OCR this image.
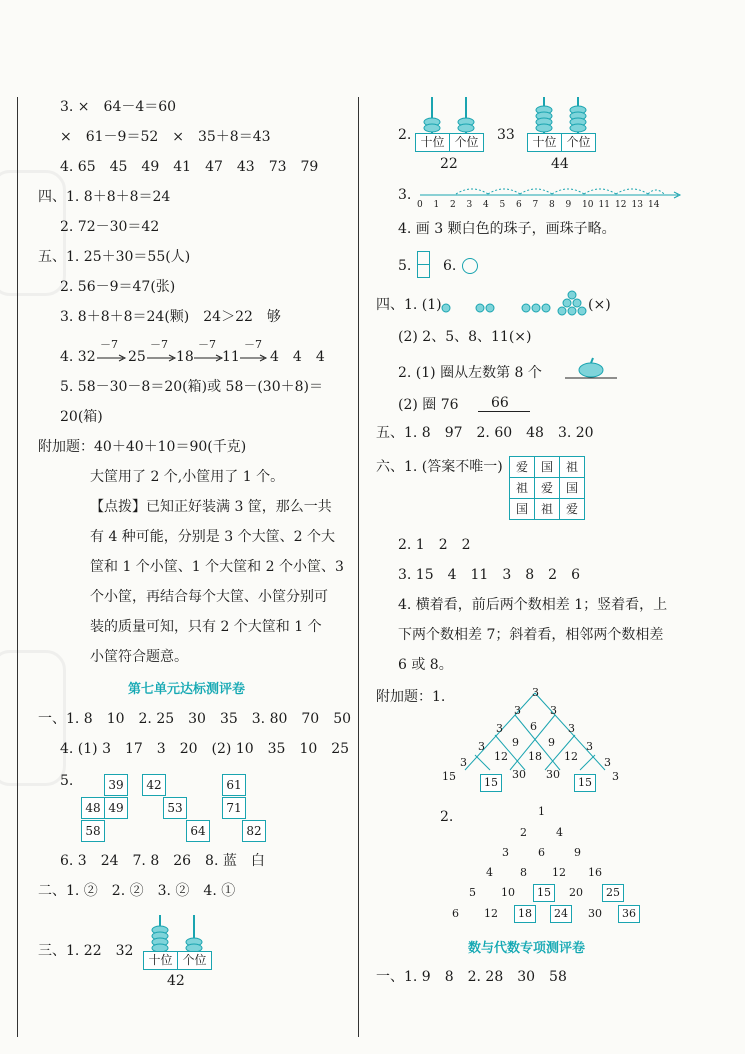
3. ×　64－4＝60
×　61－9＝52　×　35＋8＝43
4. 65　45　49　41　47　43　73　79
四、1. 8＋8＋8＝24
2. 72－30＝42
五、1. 25＋30＝55(人)
2. 56－9＝47(张)
3. 8＋8＋8＝24(颗)　24＞22　够
4. 32
－7
25
－7
18
－7
11
－7
4　4　4
5. 58－30－8＝20(箱)或 58－(30＋8)＝
20(箱)
附加题：40＋40＋10＝90(千克)
大筐用了 2 个,小筐用了 1 个。
【点拨】已知正好装满 3 筐，那么一共
有 4 种可能，分别是 3 个大筐、2 个大
筐和 1 个小筐、1 个大筐和 2 个小筐、3
个小筐，再结合每个大筐、小筐分别可
装的质量可知，只有 2 个大筐和 1 个
小筐符合题意。
第七单元达标测评卷
一、1. 8　10　2. 25　30　35　3. 80　70　50
4. (1) 3　17　3　20　(2) 10　35　10　25
5.	39
48 49
58
42
53
64
61
71
82
6. 3　24　7. 8　26　8. 蓝　白
二、1. ②　2. ②　3. ②　4. ①
三、1. 22　32
十位 个位
42
2. 十位 个位
22
33	十位 个位
44
3.
0 1 2 3 4 5 6 7 8 9 10 11 12 13 14
4. 画 3 颗白色的珠子，画珠子略。
5. 6.
四、1. (1)	(×)
(2) 2、5、8、11(×)
2. (1) 圈从左数第 8 个
(2) 圈 76 66
五、1. 8　97　2. 60　48　3. 20
六、1. (答案不唯一)	爱	国	祖
祖	爱	国
国	祖	爱
2. 1　2　2
3. 15　4　11　3　8　2　6
4. 横着看，前后两个数相差 1；竖着看，上
下两个数相差 7；斜着看，相邻两个数相差
6 或 8。
附加题：1.	3
3	3
6
3	3
9	9
3	3
12 18 12
3	3
30 30
15	3
15	15
2.	1
2	4
3	6	9
4 8 12 16
5 10	15	20	25
6 12	18	24	30	36
数与代数专项测评卷
一、1. 9　8　2. 28　30　58
